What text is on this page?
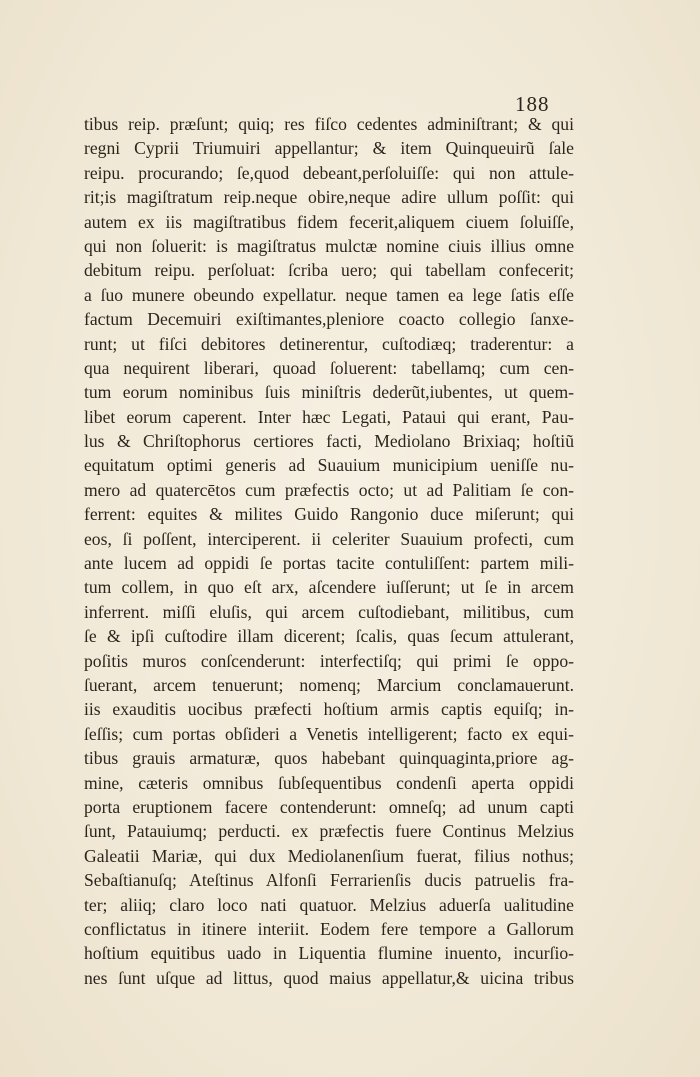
188
tibus reip. præſunt; quiq; res fiſco cedentes adminiſtrant; & qui
regni Cyprii Triumuiri appellantur; & item Quinqueuirũ ſale
reipu. procurando; ſe,quod debeant,perſoluiſſe: qui non attule-
rit;is magiſtratum reip.neque obire,neque adire ullum poſſit: qui
autem ex iis magiſtratibus fidem fecerit,aliquem ciuem ſoluiſſe,
qui non ſoluerit: is magiſtratus mulctæ nomine ciuis illius omne
debitum reipu. perſoluat: ſcriba uero; qui tabellam confecerit;
a ſuo munere obeundo expellatur. neque tamen ea lege ſatis eſſe
factum Decemuiri exiſtimantes,pleniore coacto collegio ſanxe-
runt; ut fiſci debitores detinerentur, cuſtodiæq; traderentur: a
qua nequirent liberari, quoad ſoluerent: tabellamq; cum cen-
tum eorum nominibus ſuis miniſtris dederũt,iubentes, ut quem-
libet eorum caperent. Inter hæc Legati, Pataui qui erant, Pau-
lus & Chriſtophorus certiores facti, Mediolano Brixiaq; hoſtiũ
equitatum optimi generis ad Suauium municipium ueniſſe nu-
mero ad quatercētos cum præfectis octo; ut ad Palitiam ſe con-
ferrent: equites & milites Guido Rangonio duce miſerunt; qui
eos, ſi poſſent, interciperent. ii celeriter Suauium profecti, cum
ante lucem ad oppidi ſe portas tacite contuliſſent: partem mili-
tum collem, in quo eſt arx, aſcendere iuſſerunt; ut ſe in arcem
inferrent. miſſi eluſis, qui arcem cuſtodiebant, militibus, cum
ſe & ipſi cuſtodire illam dicerent; ſcalis, quas ſecum attulerant,
poſitis muros conſcenderunt: interfectiſq; qui primi ſe oppo-
ſuerant, arcem tenuerunt; nomenq; Marcium conclamauerunt.
iis exauditis uocibus præfecti hoſtium armis captis equiſq; in-
ſeſſis; cum portas obſideri a Venetis intelligerent; facto ex equi-
tibus grauis armaturæ, quos habebant quinquaginta,priore ag-
mine, cæteris omnibus ſubſequentibus condenſi aperta oppidi
porta eruptionem facere contenderunt: omneſq; ad unum capti
ſunt, Patauiumq; perducti. ex præfectis fuere Continus Melzius
Galeatii Mariæ, qui dux Mediolanenſium fuerat, filius nothus;
Sebaſtianuſq; Ateſtinus Alfonſi Ferrarienſis ducis patruelis fra-
ter; aliiq; claro loco nati quatuor. Melzius aduerſa ualitudine
conflictatus in itinere interiit. Eodem fere tempore a Gallorum
hoſtium equitibus uado in Liquentia flumine inuento, incurſio-
nes ſunt uſque ad littus, quod maius appellatur,& uicina tribus
